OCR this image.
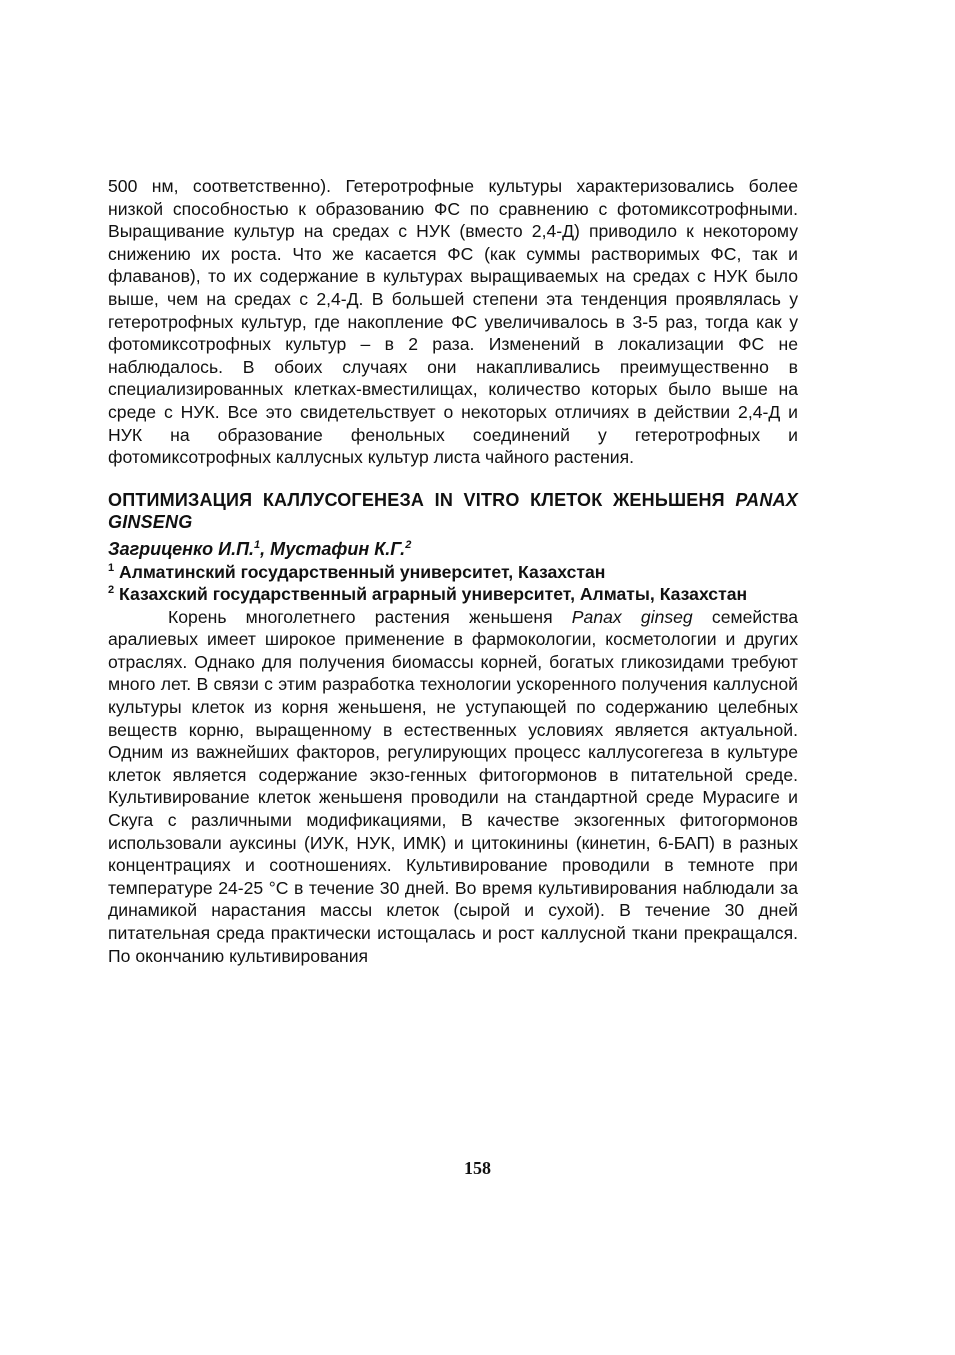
500 нм, соответственно). Гетеротрофные культуры характеризовались более низкой способностью к образованию ФС по сравнению с фотомиксотрофными. Выращивание культур на средах с НУК (вместо 2,4-Д) приводило к некоторому снижению их роста. Что же касается ФС (как суммы растворимых ФС, так и флаванов), то их содержание в культурах выращиваемых на средах с НУК было выше, чем на средах с 2,4-Д. В большей степени эта тенденция проявлялась у гетеротрофных культур, где накопление ФС увеличивалось в 3-5 раз, тогда как у фотомиксотрофных культур – в 2 раза. Изменений в локализации ФС не наблюдалось. В обоих случаях они накапливались преимущественно в специализированных клетках-вместилищах, количество которых было выше на среде с НУК. Все это свидетельствует о некоторых отличиях в действии 2,4-Д и НУК на образование фенольных соединений у гетеротрофных и фотомиксотрофных каллусных культур листа чайного растения.

ОПТИМИЗАЦИЯ КАЛЛУСОГЕНЕЗА IN VITRO КЛЕТОК ЖЕНЬШЕНЯ PANAX GINSENG
Загриценко И.П.$^1$, Мустафин К.Г.$^2$
$^1$ Алматинский государственный университет, Казахстан
$^2$ Казахский государственный аграрный университет, Алматы, Казахстан

Корень многолетнего растения женьшеня Panax ginseg семейства аралиевых имеет широкое применение в фармокологии, косметологии и других отраслях. Однако для получения биомассы корней, богатых гликозидами требуют много лет. В связи с этим разработка технологии ускоренного получения каллусной культуры клеток из корня женьшеня, не уступающей по содержанию целебных веществ корню, выращенному в естественных условиях является актуальной. Одним из важнейших факторов, регулирующих процесс каллусогегеза в культуре клеток является содержание экзо-генных фитогормонов в питательной среде. Культивирование клеток женьшеня проводили на стандартной среде Мурасиге и Скуга с различными модификациями, В качестве экзогенных фитогормонов использовали ауксины (ИУК, НУК, ИМК) и цитокинины (кинетин, 6-БАП) в разных концентрациях и соотношениях. Культивирование проводили в темноте при температуре 24-25 °С в течение 30 дней. Во время культивирования наблюдали за динамикой нарастания массы клеток (сырой и сухой). В течение 30 дней питательная среда практически истощалась и рост каллусной ткани прекращался. По окончанию культивирования

158
